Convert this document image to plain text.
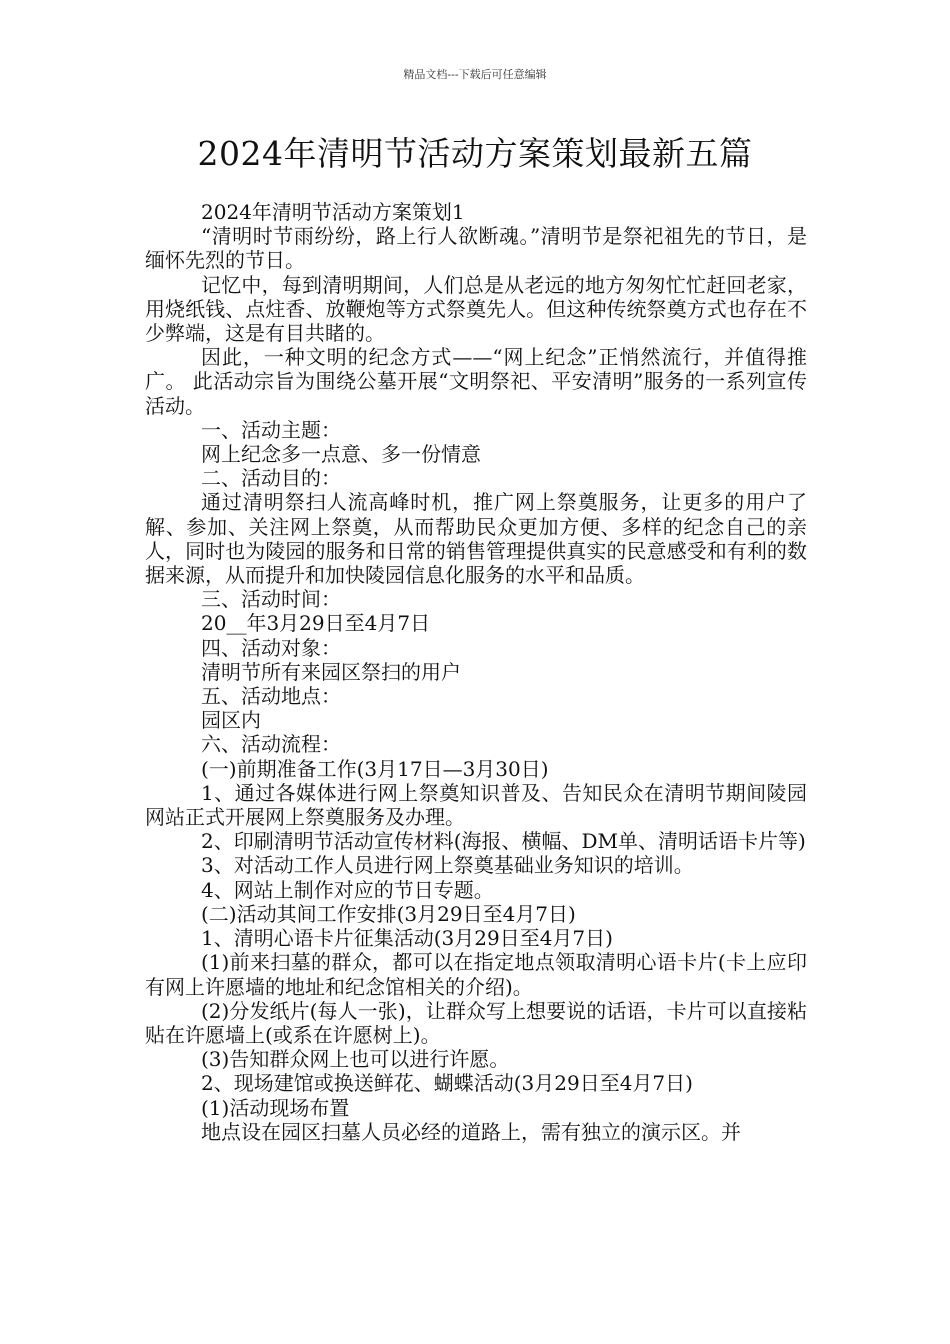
精品文档---下载后可任意编辑
2024年清明节活动方案策划最新五篇

2024年清明节活动方案策划1

“清明时节雨纷纷，路上行人欲断魂。”清明节是祭祀祖先的节日，是缅怀先烈的节日。

记忆中，每到清明期间，人们总是从老远的地方匆匆忙忙赶回老家，用烧纸钱、点炷香、放鞭炮等方式祭奠先人。但这种传统祭奠方式也存在不少弊端，这是有目共睹的。

因此，一种文明的纪念方式——“网上纪念”正悄然流行，并值得推广。 此活动宗旨为围绕公墓开展“文明祭祀、平安清明”服务的一系列宣传活动。

一、活动主题：

网上纪念多一点意、多一份情意

二、活动目的：

通过清明祭扫人流高峰时机，推广网上祭奠服务，让更多的用户了解、参加、关注网上祭奠，从而帮助民众更加方便、多样的纪念自己的亲人，同时也为陵园的服务和日常的销售管理提供真实的民意感受和有利的数据来源，从而提升和加快陵园信息化服务的水平和品质。

三、活动时间：

20__年3月29日至4月7日

四、活动对象：

清明节所有来园区祭扫的用户

五、活动地点：

园区内

六、活动流程：

(一)前期准备工作(3月17日—3月30日)

1、通过各媒体进行网上祭奠知识普及、告知民众在清明节期间陵园网站正式开展网上祭奠服务及办理。

2、印刷清明节活动宣传材料(海报、横幅、DM单、清明话语卡片等)

3、对活动工作人员进行网上祭奠基础业务知识的培训。

4、网站上制作对应的节日专题。

(二)活动其间工作安排(3月29日至4月7日)

1、清明心语卡片征集活动(3月29日至4月7日)

(1)前来扫墓的群众，都可以在指定地点领取清明心语卡片(卡上应印有网上许愿墙的地址和纪念馆相关的介绍)。

(2)分发纸片(每人一张)，让群众写上想要说的话语，卡片可以直接粘贴在许愿墙上(或系在许愿树上)。

(3)告知群众网上也可以进行许愿。

2、现场建馆或换送鲜花、蝴蝶活动(3月29日至4月7日)

(1)活动现场布置

地点设在园区扫墓人员必经的道路上，需有独立的演示区。并
